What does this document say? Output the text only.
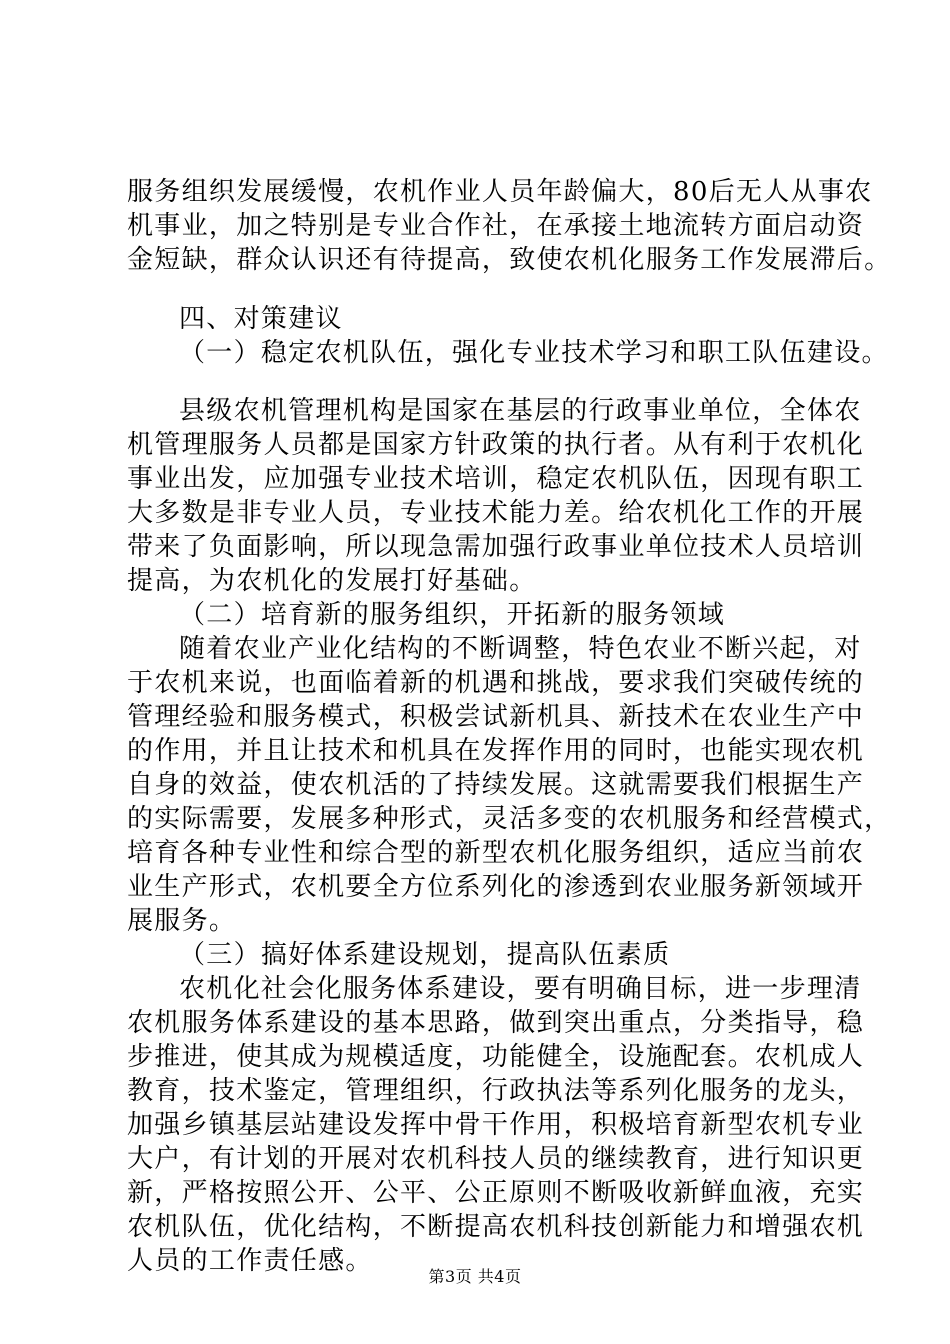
服务组织发展缓慢，农机作业人员年龄偏大，80后无人从事农
机事业，加之特别是专业合作社，在承接土地流转方面启动资
金短缺，群众认识还有待提高，致使农机化服务工作发展滞后。
四、对策建议
（一）稳定农机队伍，强化专业技术学习和职工队伍建设。
县级农机管理机构是国家在基层的行政事业单位，全体农
机管理服务人员都是国家方针政策的执行者。从有利于农机化
事业出发，应加强专业技术培训，稳定农机队伍，因现有职工
大多数是非专业人员，专业技术能力差。给农机化工作的开展
带来了负面影响，所以现急需加强行政事业单位技术人员培训
提高，为农机化的发展打好基础。
（二）培育新的服务组织，开拓新的服务领域
随着农业产业化结构的不断调整，特色农业不断兴起，对
于农机来说，也面临着新的机遇和挑战，要求我们突破传统的
管理经验和服务模式，积极尝试新机具、新技术在农业生产中
的作用，并且让技术和机具在发挥作用的同时，也能实现农机
自身的效益，使农机活的了持续发展。这就需要我们根据生产
的实际需要，发展多种形式，灵活多变的农机服务和经营模式，
培育各种专业性和综合型的新型农机化服务组织，适应当前农
业生产形式，农机要全方位系列化的渗透到农业服务新领域开
展服务。
（三）搞好体系建设规划，提高队伍素质
农机化社会化服务体系建设，要有明确目标，进一步理清
农机服务体系建设的基本思路，做到突出重点，分类指导，稳
步推进，使其成为规模适度，功能健全，设施配套。农机成人
教育，技术鉴定，管理组织，行政执法等系列化服务的龙头，
加强乡镇基层站建设发挥中骨干作用，积极培育新型农机专业
大户，有计划的开展对农机科技人员的继续教育，进行知识更
新，严格按照公开、公平、公正原则不断吸收新鲜血液，充实
农机队伍，优化结构，不断提高农机科技创新能力和增强农机
人员的工作责任感。
第3页 共4页
